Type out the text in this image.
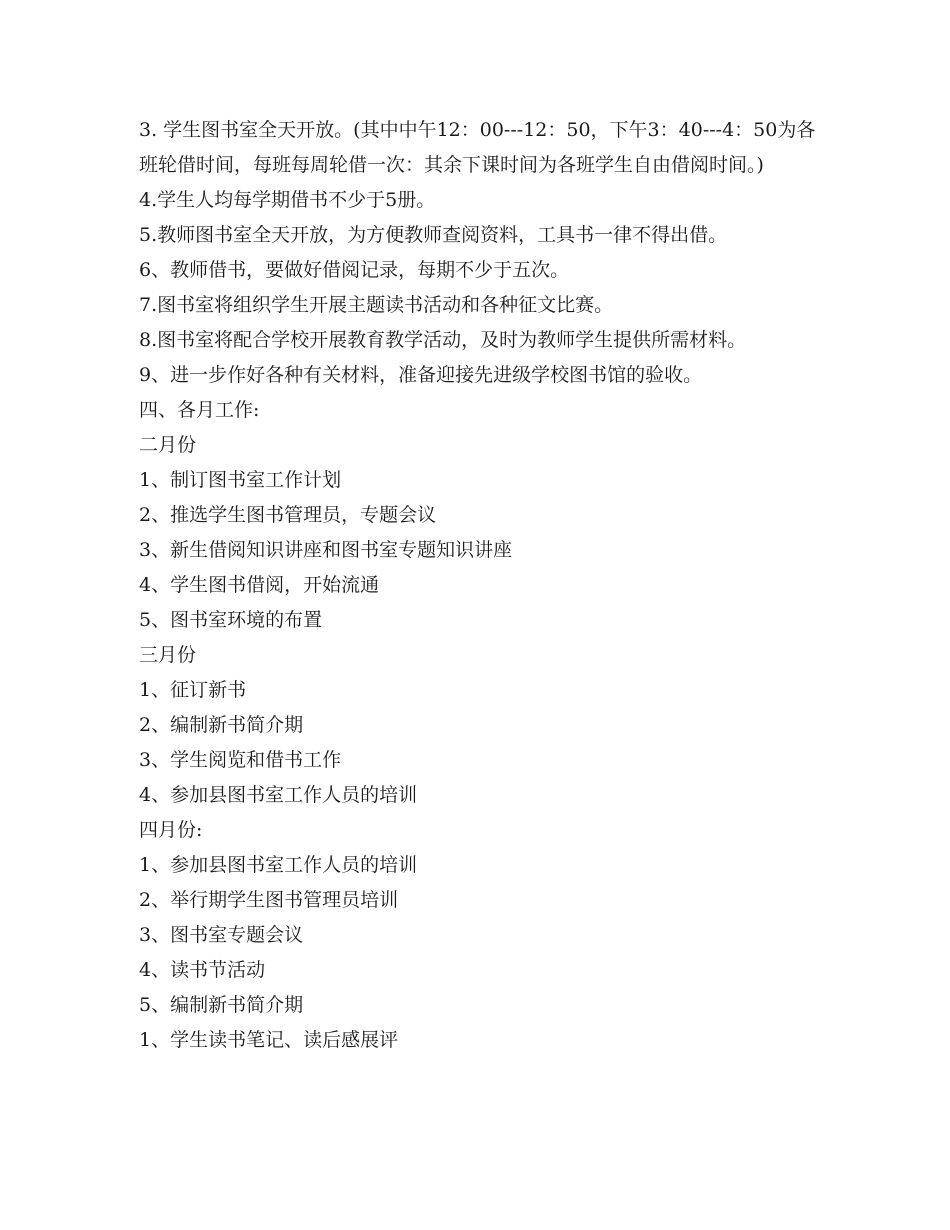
3. 学生图书室全天开放。(其中中午12：00---12：50，下午3：40---4：50为各班轮借时间，每班每周轮借一次：其余下课时间为各班学生自由借阅时间。)
4.学生人均每学期借书不少于5册。
5.教师图书室全天开放，为方便教师查阅资料，工具书一律不得出借。
6、教师借书，要做好借阅记录，每期不少于五次。
7.图书室将组织学生开展主题读书活动和各种征文比赛。
8.图书室将配合学校开展教育教学活动，及时为教师学生提供所需材料。
9、进一步作好各种有关材料，准备迎接先进级学校图书馆的验收。
四、各月工作:
二月份
1、制订图书室工作计划
2、推选学生图书管理员，专题会议
3、新生借阅知识讲座和图书室专题知识讲座
4、学生图书借阅，开始流通
5、图书室环境的布置
三月份
1、征订新书
2、编制新书简介期
3、学生阅览和借书工作
4、参加县图书室工作人员的培训
四月份:
1、参加县图书室工作人员的培训
2、举行期学生图书管理员培训
3、图书室专题会议
4、读书节活动
5、编制新书简介期
1、学生读书笔记、读后感展评
